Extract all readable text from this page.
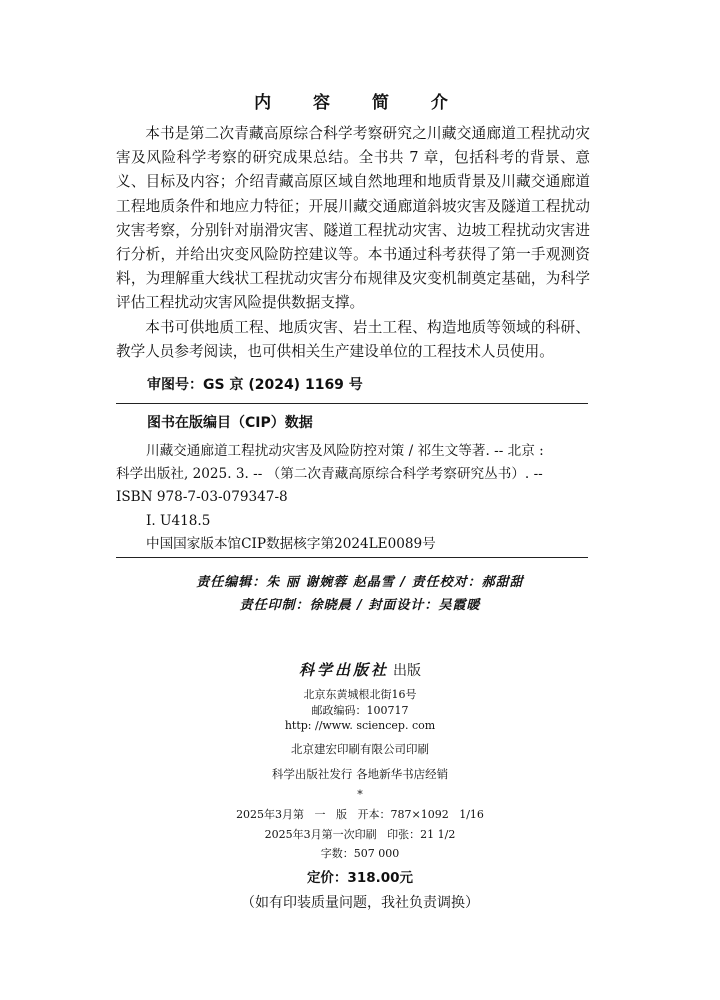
内 容 简 介

本书是第二次青藏高原综合科学考察研究之川藏交通廊道工程扰动灾害及风险科学考察的研究成果总结。全书共 7 章，包括科考的背景、意义、目标及内容；介绍青藏高原区域自然地理和地质背景及川藏交通廊道工程地质条件和地应力特征；开展川藏交通廊道斜坡灾害及隧道工程扰动灾害考察，分别针对崩滑灾害、隧道工程扰动灾害、边坡工程扰动灾害进行分析，并给出灾变风险防控建议等。本书通过科考获得了第一手观测资料，为理解重大线状工程扰动灾害分布规律及灾变机制奠定基础，为科学评估工程扰动灾害风险提供数据支撑。

本书可供地质工程、地质灾害、岩土工程、构造地质等领域的科研、教学人员参考阅读，也可供相关生产建设单位的工程技术人员使用。

审图号：GS 京 (2024) 1169 号
图书在版编目（CIP）数据
川藏交通廊道工程扰动灾害及风险防控对策 / 祁生文等著. -- 北京 :
科学出版社, 2025. 3. -- （第二次青藏高原综合科学考察研究丛书）. --
ISBN 978-7-03-079347-8
Ⅰ. U418.5
中国国家版本馆CIP数据核字第2024LE0089号
责任编辑：朱 丽 谢婉蓉 赵晶雪 / 责任校对：郝甜甜
责任印制：徐晓晨 / 封面设计：吴霞暖
科学出版社 出版
北京东黄城根北街16号
邮政编码：100717
http: //www. sciencep. com
北京建宏印刷有限公司印刷
科学出版社发行 各地新华书店经销
*
2025年3月第   一   版   开本：787×1092   1/16
2025年3月第一次印刷   印张：21 1/2
字数：507 000
定价：318.00元
（如有印装质量问题，我社负责调换）
